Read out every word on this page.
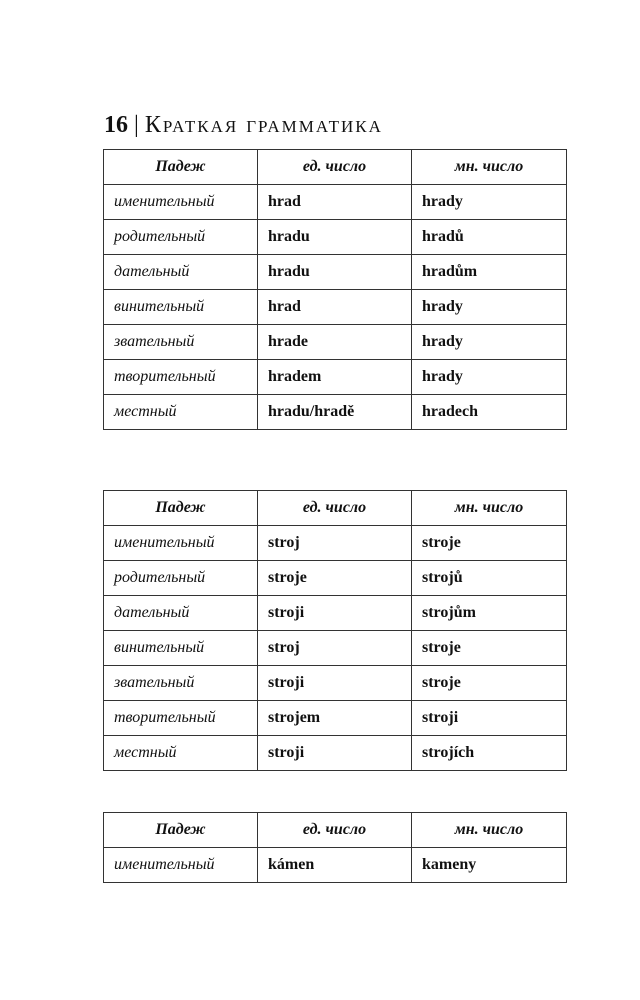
16 | Краткая грамматика
Падеж	ед. число	мн. число
именительный	hrad	hrady
родительный	hradu	hradů
дательный	hradu	hradům
винительный	hrad	hrady
звательный	hrade	hrady
творительный	hradem	hrady
местный	hradu/hradě	hradech
Падеж	ед. число	мн. число
именительный	stroj	stroje
родительный	stroje	strojů
дательный	stroji	strojům
винительный	stroj	stroje
звательный	stroji	stroje
творительный	strojem	stroji
местный	stroji	strojích
Падеж	ед. число	мн. число
именительный	kámen	kameny
